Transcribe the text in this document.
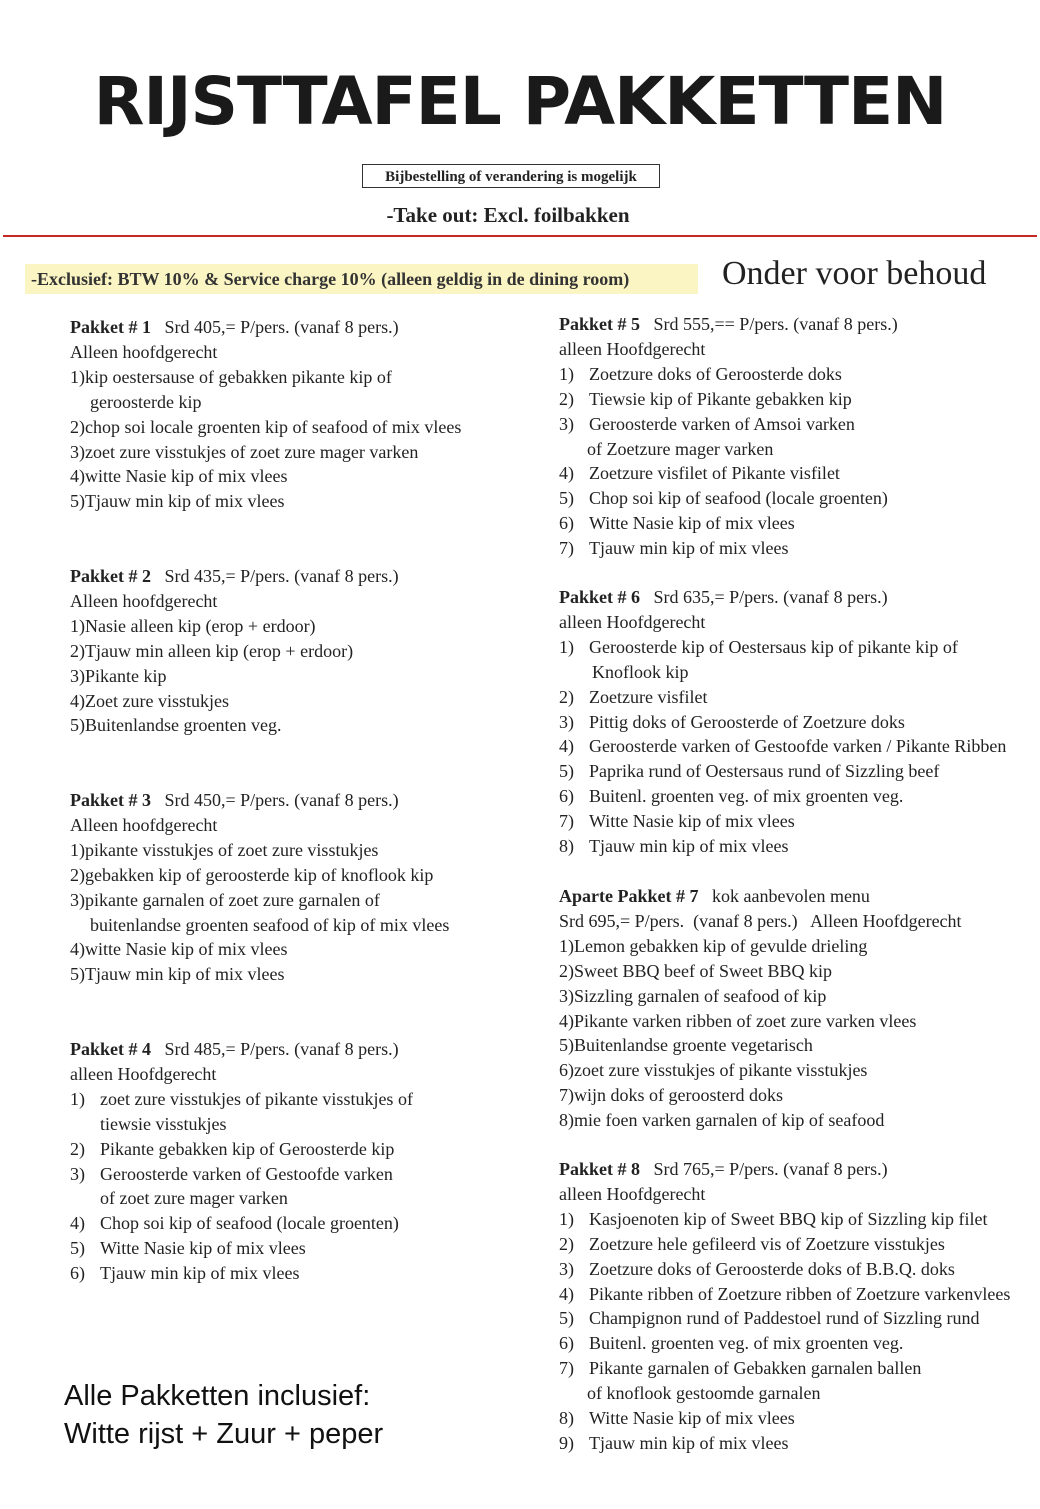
RIJSTTAFEL PAKKETTEN
Bijbestelling of verandering is mogelijk
-Take out: Excl. foilbakken
-Exclusief: BTW 10% & Service charge 10% (alleen geldig in de dining room)	Onder voor behoud
Pakket # 1 Srd 405,= P/pers. (vanaf 8 pers.)
Alleen hoofdgerecht
1) kip oestersause of gebakken pikante kip of
geroosterde kip
2) chop soi locale groenten kip of seafood of mix vlees
3) zoet zure visstukjes of zoet zure mager varken
4) witte Nasie kip of mix vlees
5) Tjauw min kip of mix vlees
Pakket # 2 Srd 435,= P/pers. (vanaf 8 pers.)
Alleen hoofdgerecht
1) Nasie alleen kip (erop + erdoor)
2) Tjauw min alleen kip (erop + erdoor)
3) Pikante kip
4) Zoet zure visstukjes
5) Buitenlandse groenten veg.
Pakket # 3 Srd 450,= P/pers. (vanaf 8 pers.)
Alleen hoofdgerecht
1) pikante visstukjes of zoet zure visstukjes
2) gebakken kip of geroosterde kip of knoflook kip
3) pikante garnalen of zoet zure garnalen of
buitenlandse groenten seafood of kip of mix vlees
4) witte Nasie kip of mix vlees
5) Tjauw min kip of mix vlees
Pakket # 4 Srd 485,= P/pers. (vanaf 8 pers.)
alleen Hoofdgerecht
1) zoet zure visstukjes of pikante visstukjes of
tiewsie visstukjes
2) Pikante gebakken kip of Geroosterde kip
3) Geroosterde varken of Gestoofde varken
of zoet zure mager varken
4) Chop soi kip of seafood (locale groenten)
5) Witte Nasie kip of mix vlees
6) Tjauw min kip of mix vlees
Pakket # 5 Srd 555,== P/pers. (vanaf 8 pers.)
alleen Hoofdgerecht
1) Zoetzure doks of Geroosterde doks
2) Tiewsie kip of Pikante gebakken kip
3) Geroosterde varken of Amsoi varken
of Zoetzure mager varken
4) Zoetzure visfilet of Pikante visfilet
5) Chop soi kip of seafood (locale groenten)
6) Witte Nasie kip of mix vlees
7) Tjauw min kip of mix vlees
Pakket # 6 Srd 635,= P/pers. (vanaf 8 pers.)
alleen Hoofdgerecht
1) Geroosterde kip of Oestersaus kip of pikante kip of
Knoflook kip
2) Zoetzure visfilet
3) Pittig doks of Geroosterde of Zoetzure doks
4) Geroosterde varken of Gestoofde varken / Pikante Ribben
5) Paprika rund of Oestersaus rund of Sizzling beef
6) Buitenl. groenten veg. of mix groenten veg.
7) Witte Nasie kip of mix vlees
8) Tjauw min kip of mix vlees
Aparte Pakket # 7 kok aanbevolen menu
Srd 695,= P/pers.  (vanaf 8 pers.)   Alleen Hoofdgerecht
1) Lemon gebakken kip of gevulde drieling
2) Sweet BBQ beef of Sweet BBQ kip
3) Sizzling garnalen of seafood of kip
4) Pikante varken ribben of zoet zure varken vlees
5) Buitenlandse groente vegetarisch
6) zoet zure visstukjes of pikante visstukjes
7) wijn doks of geroosterd doks
8) mie foen varken garnalen of kip of seafood
Pakket # 8 Srd 765,= P/pers. (vanaf 8 pers.)
alleen Hoofdgerecht
1) Kasjoenoten kip of Sweet BBQ kip of Sizzling kip filet
2) Zoetzure hele gefileerd vis of Zoetzure visstukjes
3) Zoetzure doks of Geroosterde doks of B.B.Q. doks
4) Pikante ribben of Zoetzure ribben of Zoetzure varkenvlees
5) Champignon rund of Paddestoel rund of Sizzling rund
6) Buitenl. groenten veg. of mix groenten veg.
7) Pikante garnalen of Gebakken garnalen ballen
of knoflook gestoomde garnalen
8) Witte Nasie kip of mix vlees
9) Tjauw min kip of mix vlees
Alle Pakketten inclusief:
Witte rijst + Zuur + peper
